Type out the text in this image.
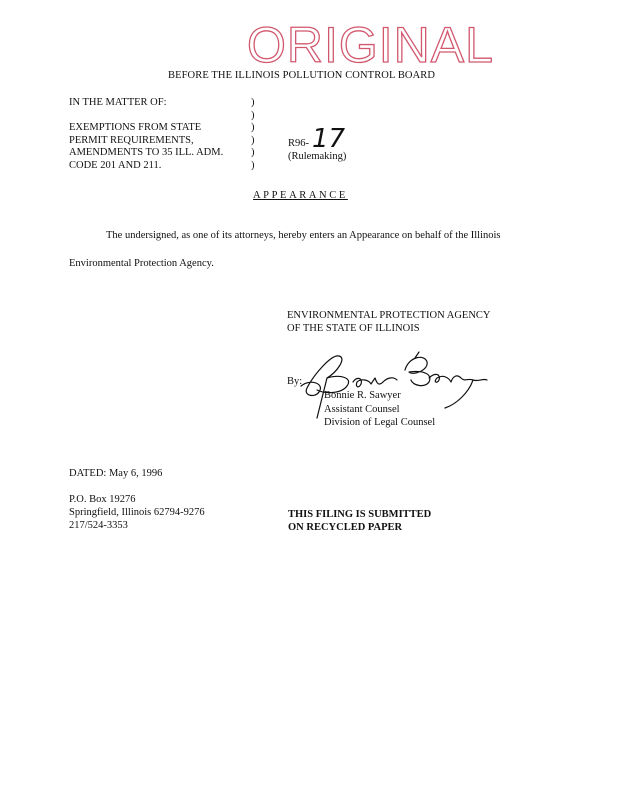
ORIGINAL
BEFORE THE ILLINOIS POLLUTION CONTROL BOARD
IN THE MATTER OF:
EXEMPTIONS FROM STATE
PERMIT REQUIREMENTS,
AMENDMENTS TO 35 ILL. ADM.
CODE 201 AND 211.
)
)
)
)
)
)
R96- 17
(Rulemaking)
APPEARANCE
The undersigned, as one of its attorneys, hereby enters an Appearance on behalf of the Illinois
Environmental Protection Agency.
ENVIRONMENTAL PROTECTION AGENCY
OF THE STATE OF ILLINOIS
By:
Bonnie R. Sawyer
Assistant Counsel
Division of Legal Counsel
DATED: May 6, 1996
P.O. Box 19276
Springfield, Illinois 62794-9276
217/524-3353
THIS FILING IS SUBMITTED
ON RECYCLED PAPER
